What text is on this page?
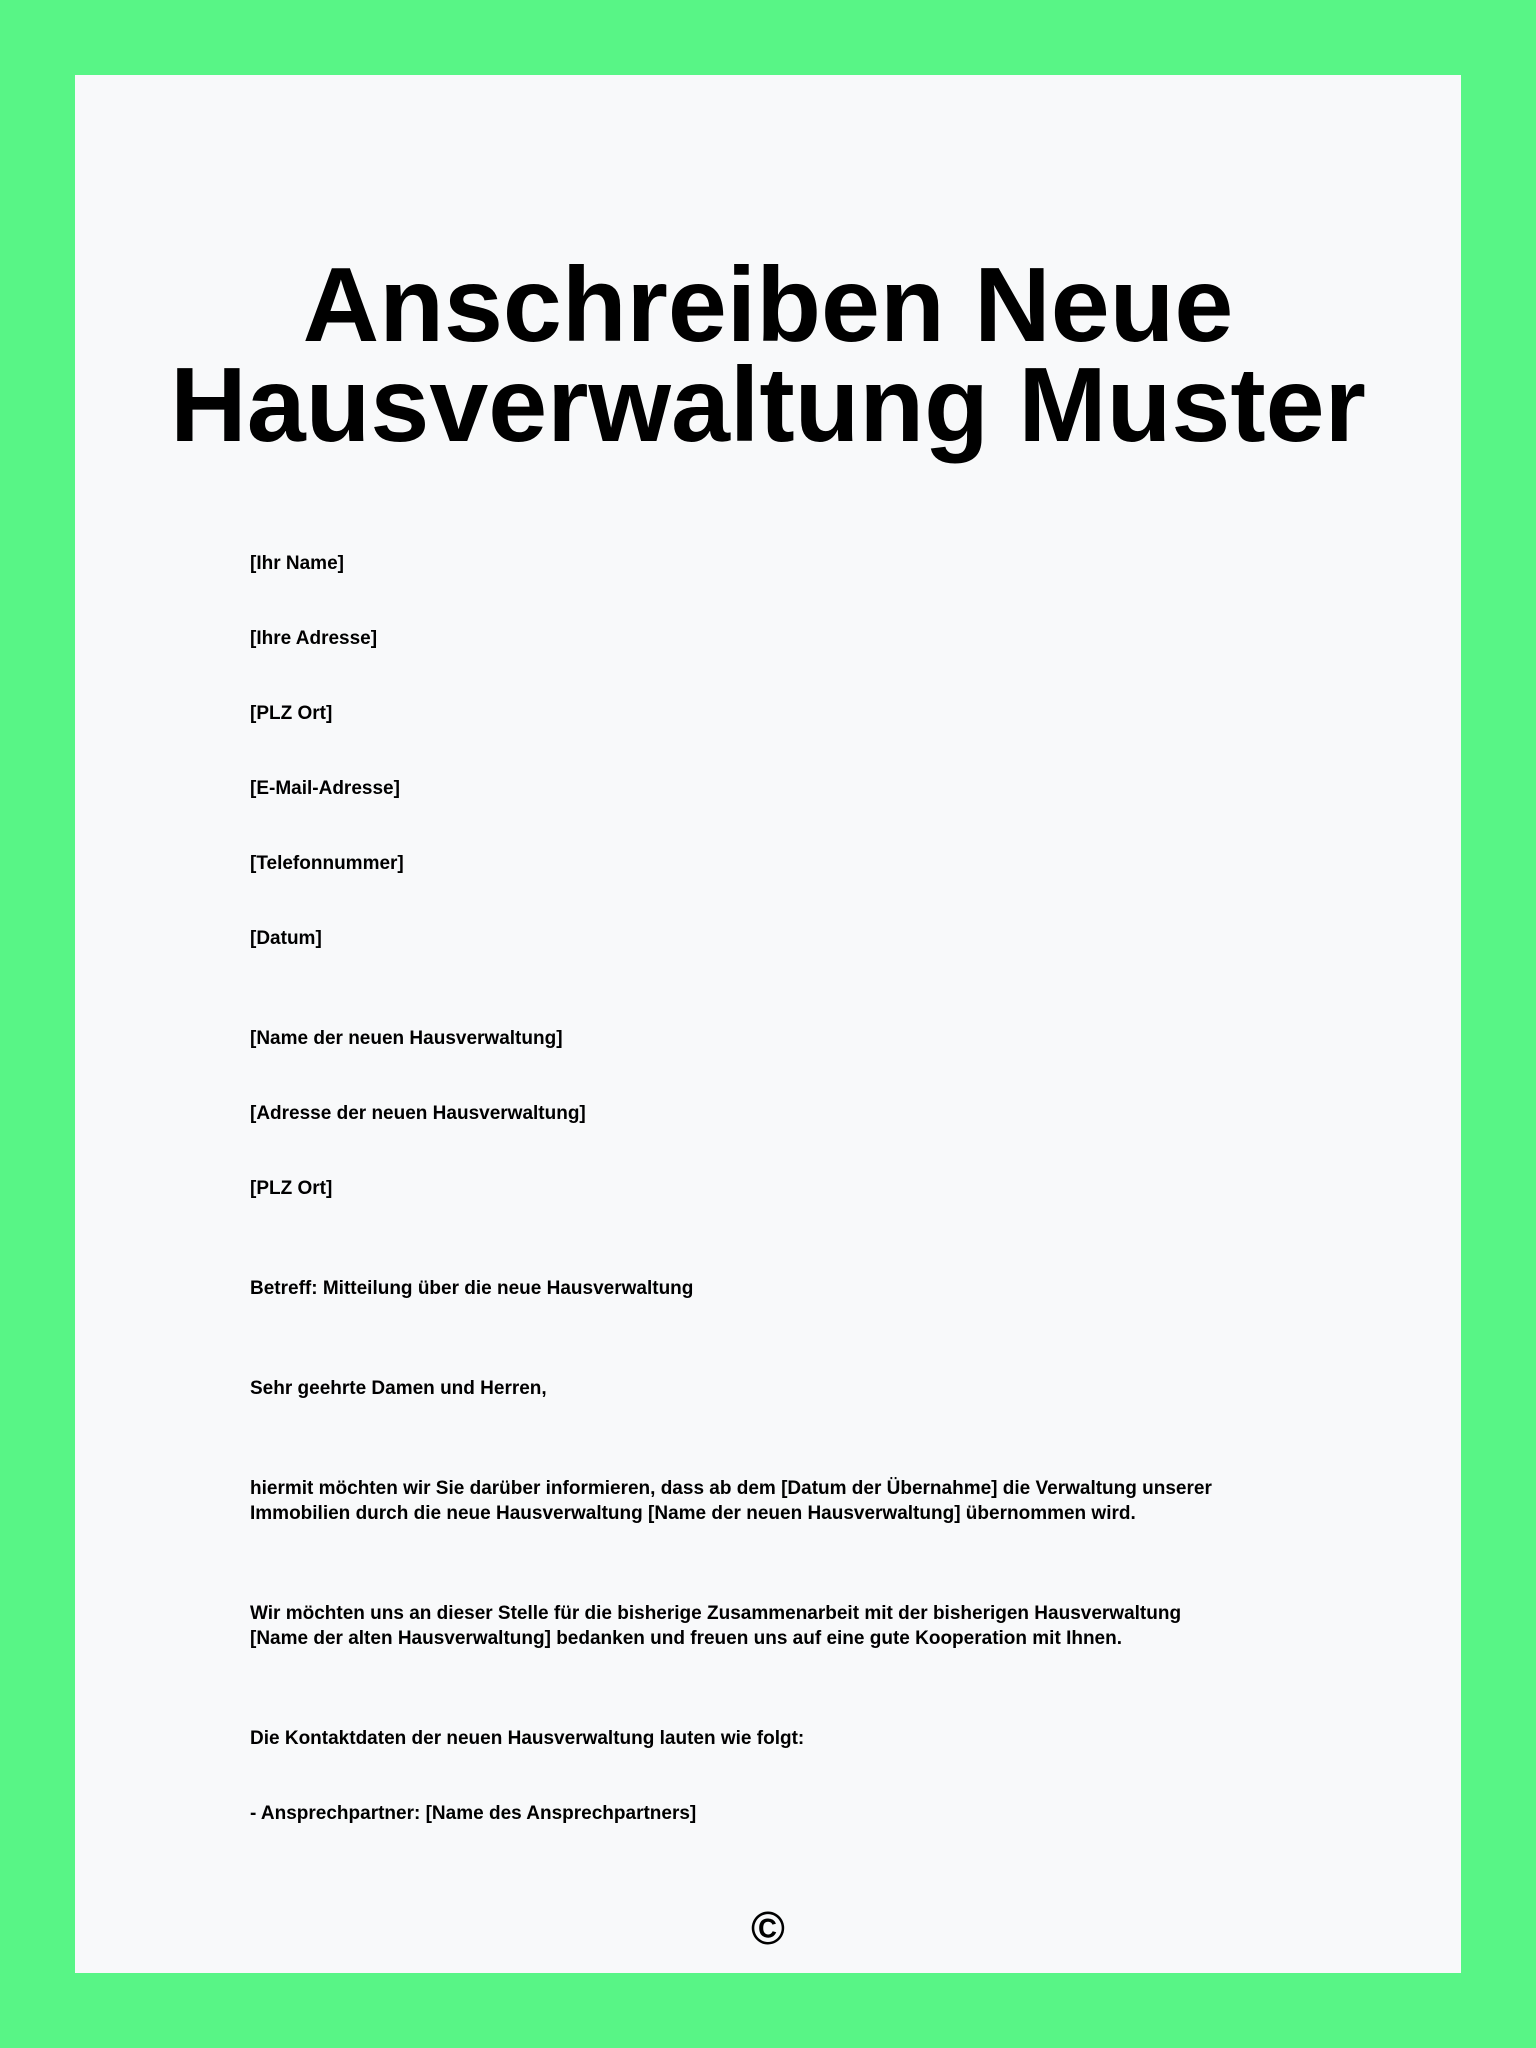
Anschreiben Neue
Hausverwaltung Muster
[Ihr Name]
[Ihre Adresse]
[PLZ Ort]
[E-Mail-Adresse]
[Telefonnummer]
[Datum]
[Name der neuen Hausverwaltung]
[Adresse der neuen Hausverwaltung]
[PLZ Ort]
Betreff: Mitteilung über die neue Hausverwaltung
Sehr geehrte Damen und Herren,
hiermit möchten wir Sie darüber informieren, dass ab dem [Datum der Übernahme] die Verwaltung unserer
Immobilien durch die neue Hausverwaltung [Name der neuen Hausverwaltung] übernommen wird.
Wir möchten uns an dieser Stelle für die bisherige Zusammenarbeit mit der bisherigen Hausverwaltung
[Name der alten Hausverwaltung] bedanken und freuen uns auf eine gute Kooperation mit Ihnen.
Die Kontaktdaten der neuen Hausverwaltung lauten wie folgt:
- Ansprechpartner: [Name des Ansprechpartners]
©
